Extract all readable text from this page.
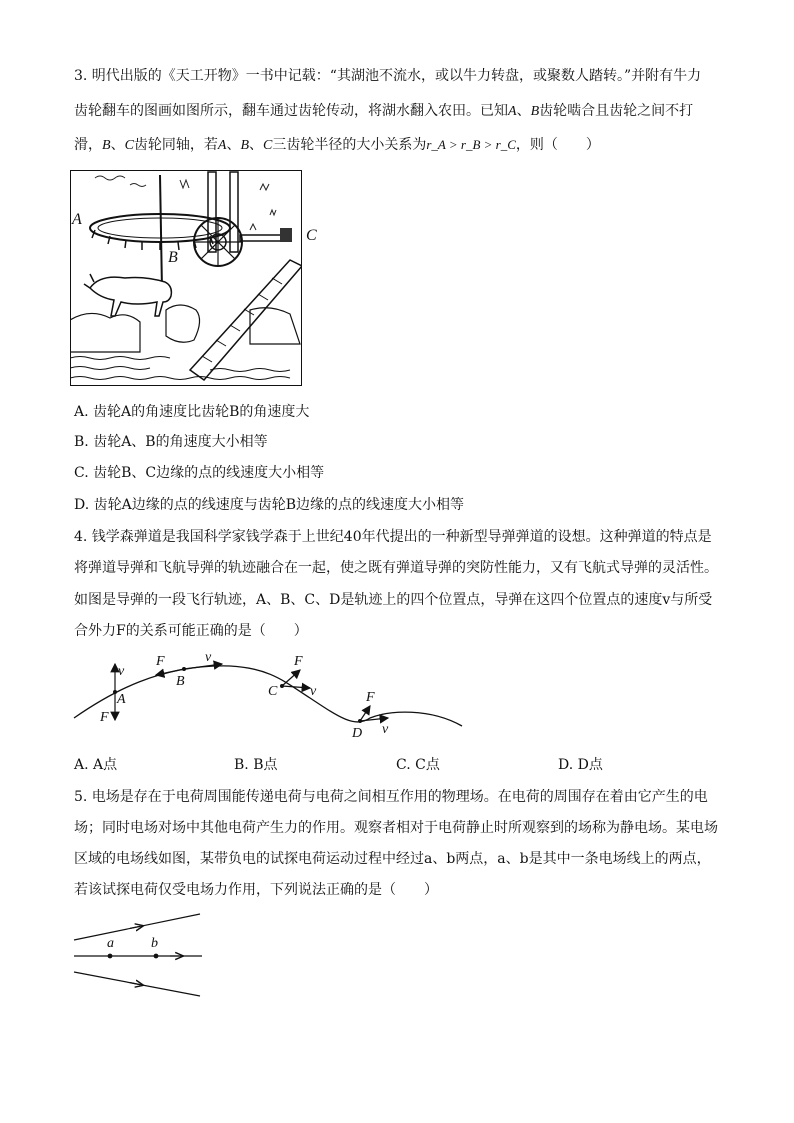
3. 明代出版的《天工开物》一书中记载：“其湖池不流水，或以牛力转盘，或聚数人踏转。”并附有牛力
齿轮翻车的图画如图所示，翻车通过齿轮传动，将湖水翻入农田。已知A、B齿轮啮合且齿轮之间不打
滑，B、C齿轮同轴，若A、B、C三齿轮半径的大小关系为r_A > r_B > r_C，则（　　）
A
B
C
A. 齿轮A的角速度比齿轮B的角速度大
B. 齿轮A、B的角速度大小相等
C. 齿轮B、C边缘的点的线速度大小相等
D. 齿轮A边缘的点的线速度与齿轮B边缘的点的线速度大小相等
4. 钱学森弹道是我国科学家钱学森于上世纪40年代提出的一种新型导弹弹道的设想。这种弹道的特点是
将弹道导弹和飞航导弹的轨迹融合在一起，使之既有弹道导弹的突防性能力，又有飞航式导弹的灵活性。
如图是导弹的一段飞行轨迹，A、B、C、D是轨迹上的四个位置点，导弹在这四个位置点的速度v与所受
合外力F的关系可能正确的是（　　）
v
A
F
F	v
B
F
v
C	F
v
D
A. A点	B. B点	C. C点	D. D点
5. 电场是存在于电荷周围能传递电荷与电荷之间相互作用的物理场。在电荷的周围存在着由它产生的电
场；同时电场对场中其他电荷产生力的作用。观察者相对于电荷静止时所观察到的场称为静电场。某电场
区域的电场线如图，某带负电的试探电荷运动过程中经过a、b两点，a、b是其中一条电场线上的两点，
若该试探电荷仅受电场力作用，下列说法正确的是（　　）
a	b
